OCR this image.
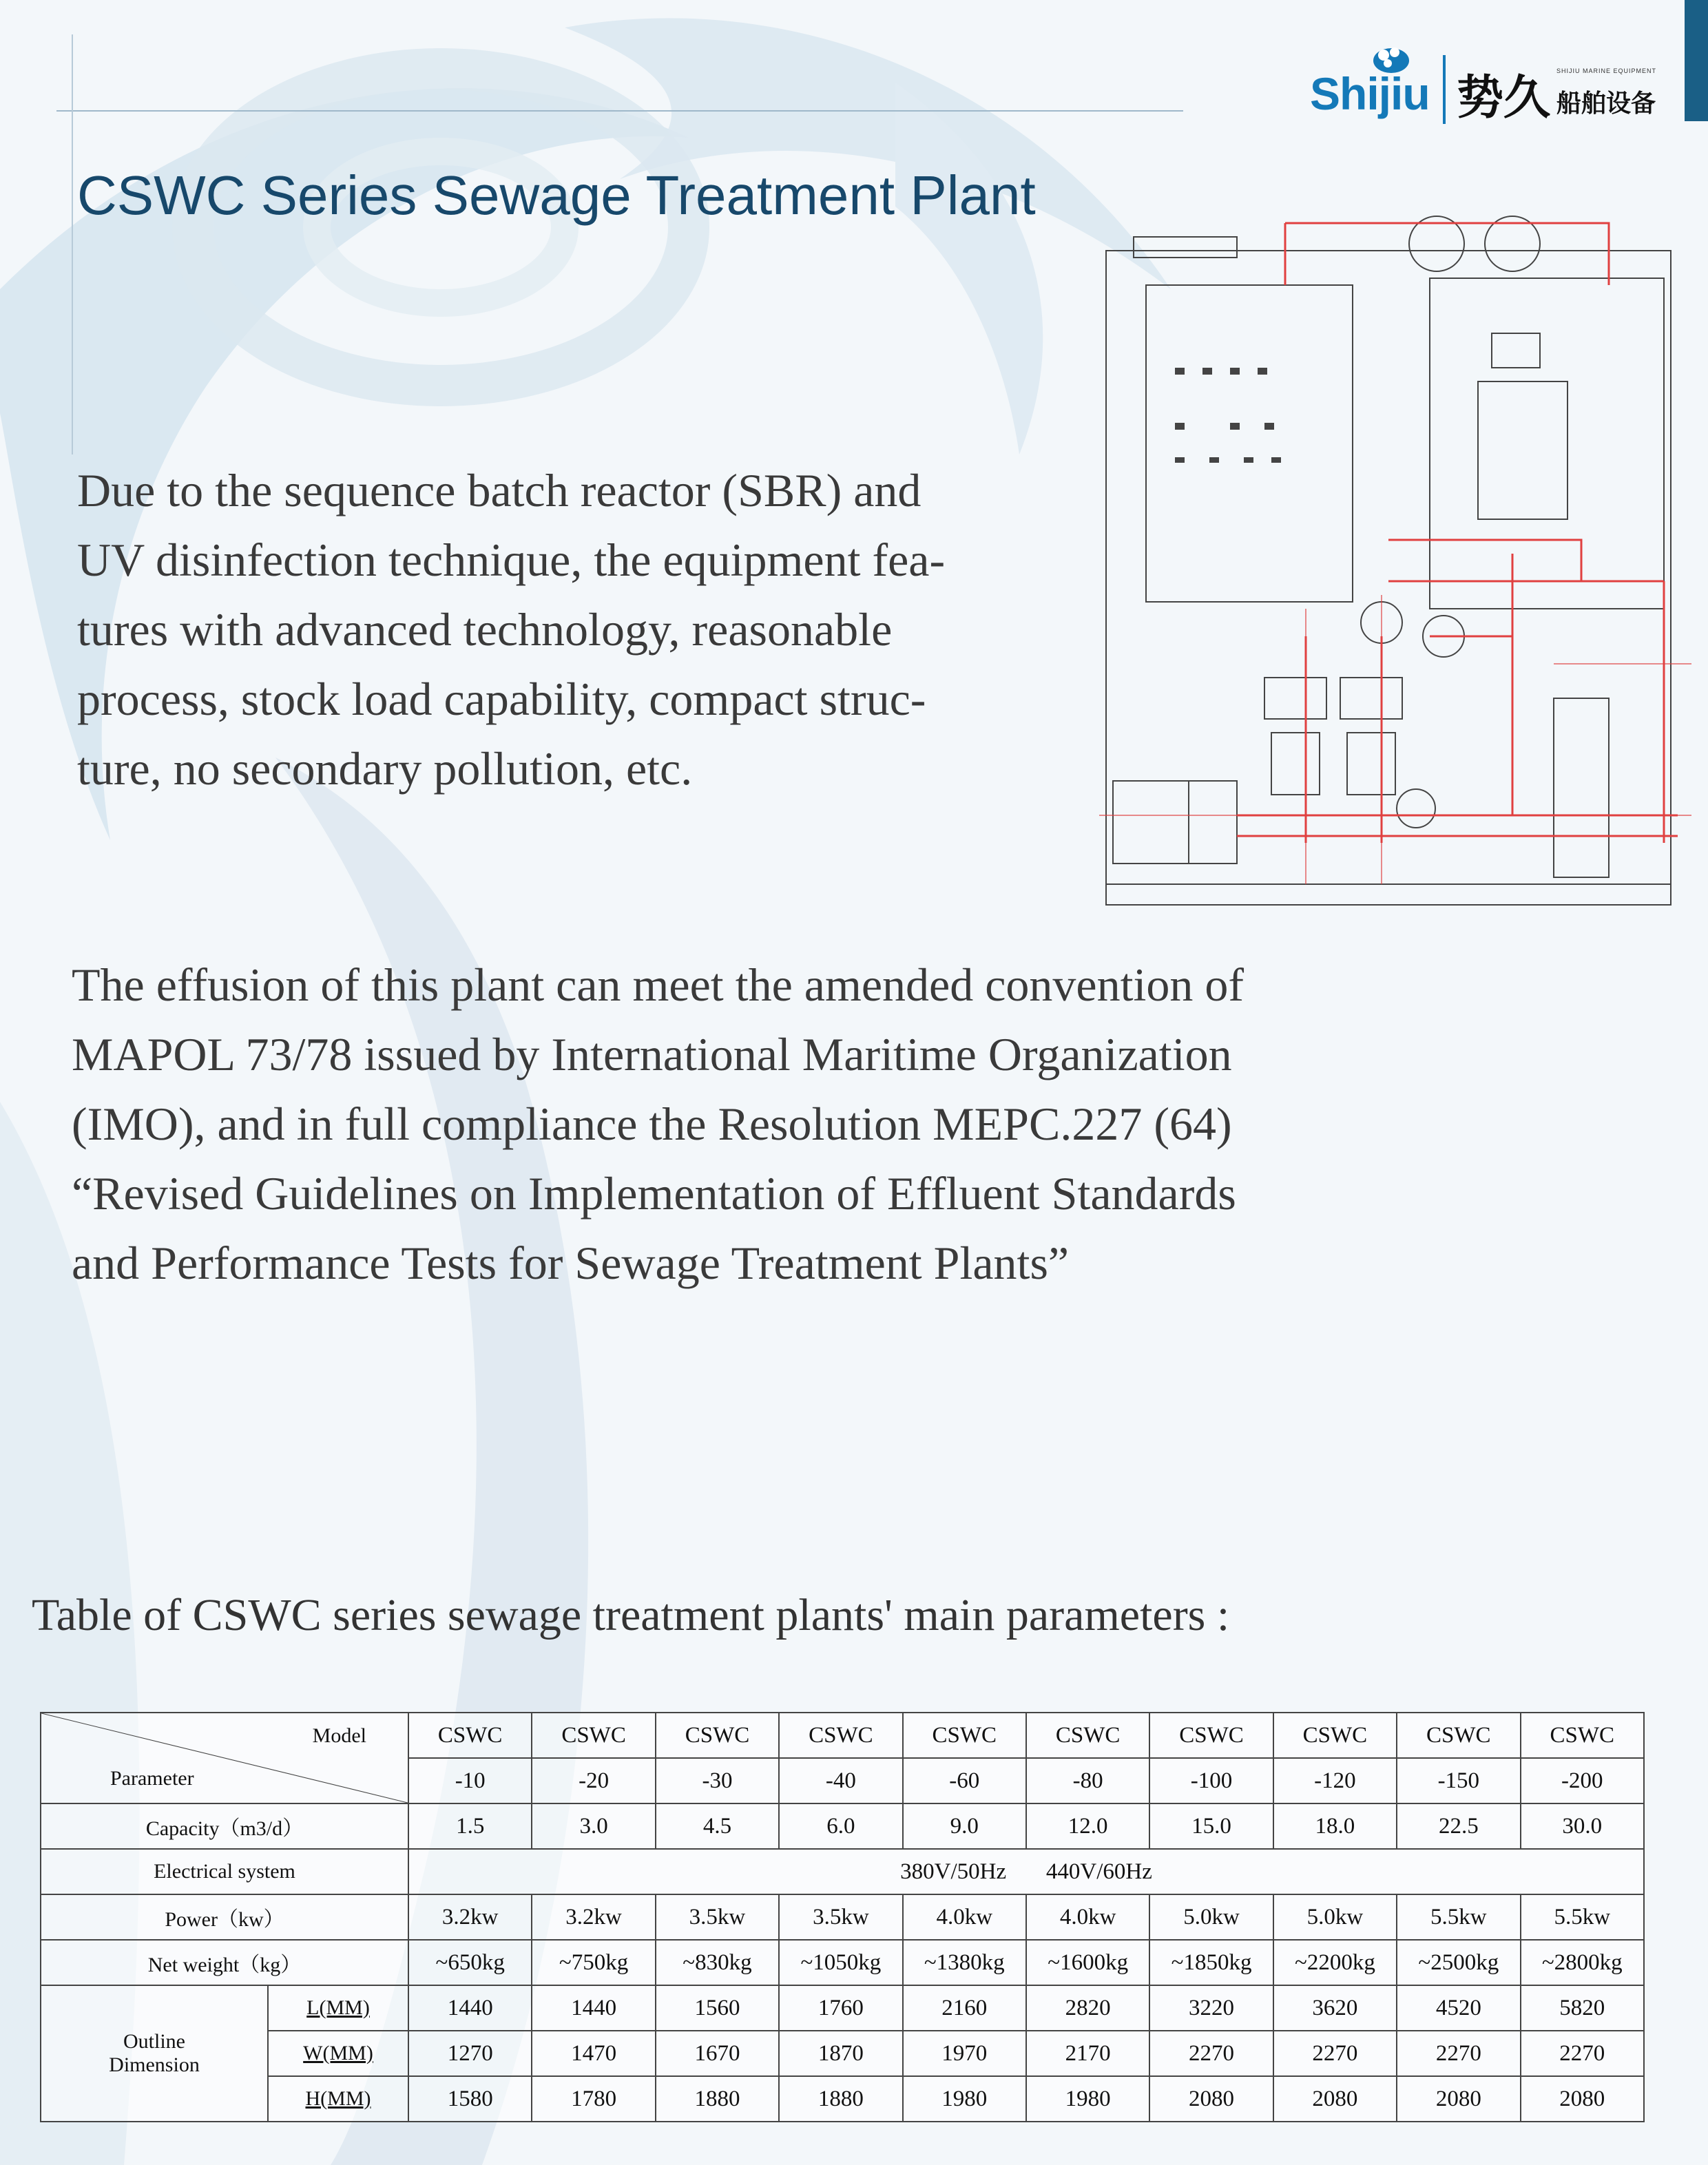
Shijiu 势久 SHIJIU MARINE EQUIPMENT
船舶设备
CSWC Series Sewage Treatment Plant

Due to the sequence batch reactor (SBR) and
UV disinfection technique, the equipment fea-
tures with advanced technology, reasonable
process, stock load capability, compact struc-
ture, no secondary pollution, etc.

The effusion of this plant can meet the amended convention of
MAPOL 73/78 issued by International Maritime Organization
(IMO), and in full compliance the Resolution MEPC.227 (64)
“Revised Guidelines on Implementation of Effluent Standards
and Performance Tests for Sewage Treatment Plants”

Table of CSWC series sewage treatment plants' main parameters :
Model
Parameter		CSWC	CSWC	CSWC	CSWC	CSWC	CSWC	CSWC	CSWC	CSWC	CSWC
		-10	-20	-30	-40	-60	-80	-100	-120	-150	-200
Capacity（m3/d）		1.5	3.0	4.5	6.0	9.0	12.0	15.0	18.0	22.5	30.0
Electrical system		380V/50Hz       440V/60Hz									
Power（kw）		3.2kw	3.2kw	3.5kw	3.5kw	4.0kw	4.0kw	5.0kw	5.0kw	5.5kw	5.5kw
Net weight（kg）		~650kg	~750kg	~830kg	~1050kg	~1380kg	~1600kg	~1850kg	~2200kg	~2500kg	~2800kg
Outline
Dimension	L(MM)	1440	1440	1560	1760	2160	2820	3220	3620	4520	5820
	W(MM)	1270	1470	1670	1870	1970	2170	2270	2270	2270	2270
	H(MM)	1580	1780	1880	1880	1980	1980	2080	2080	2080	2080
